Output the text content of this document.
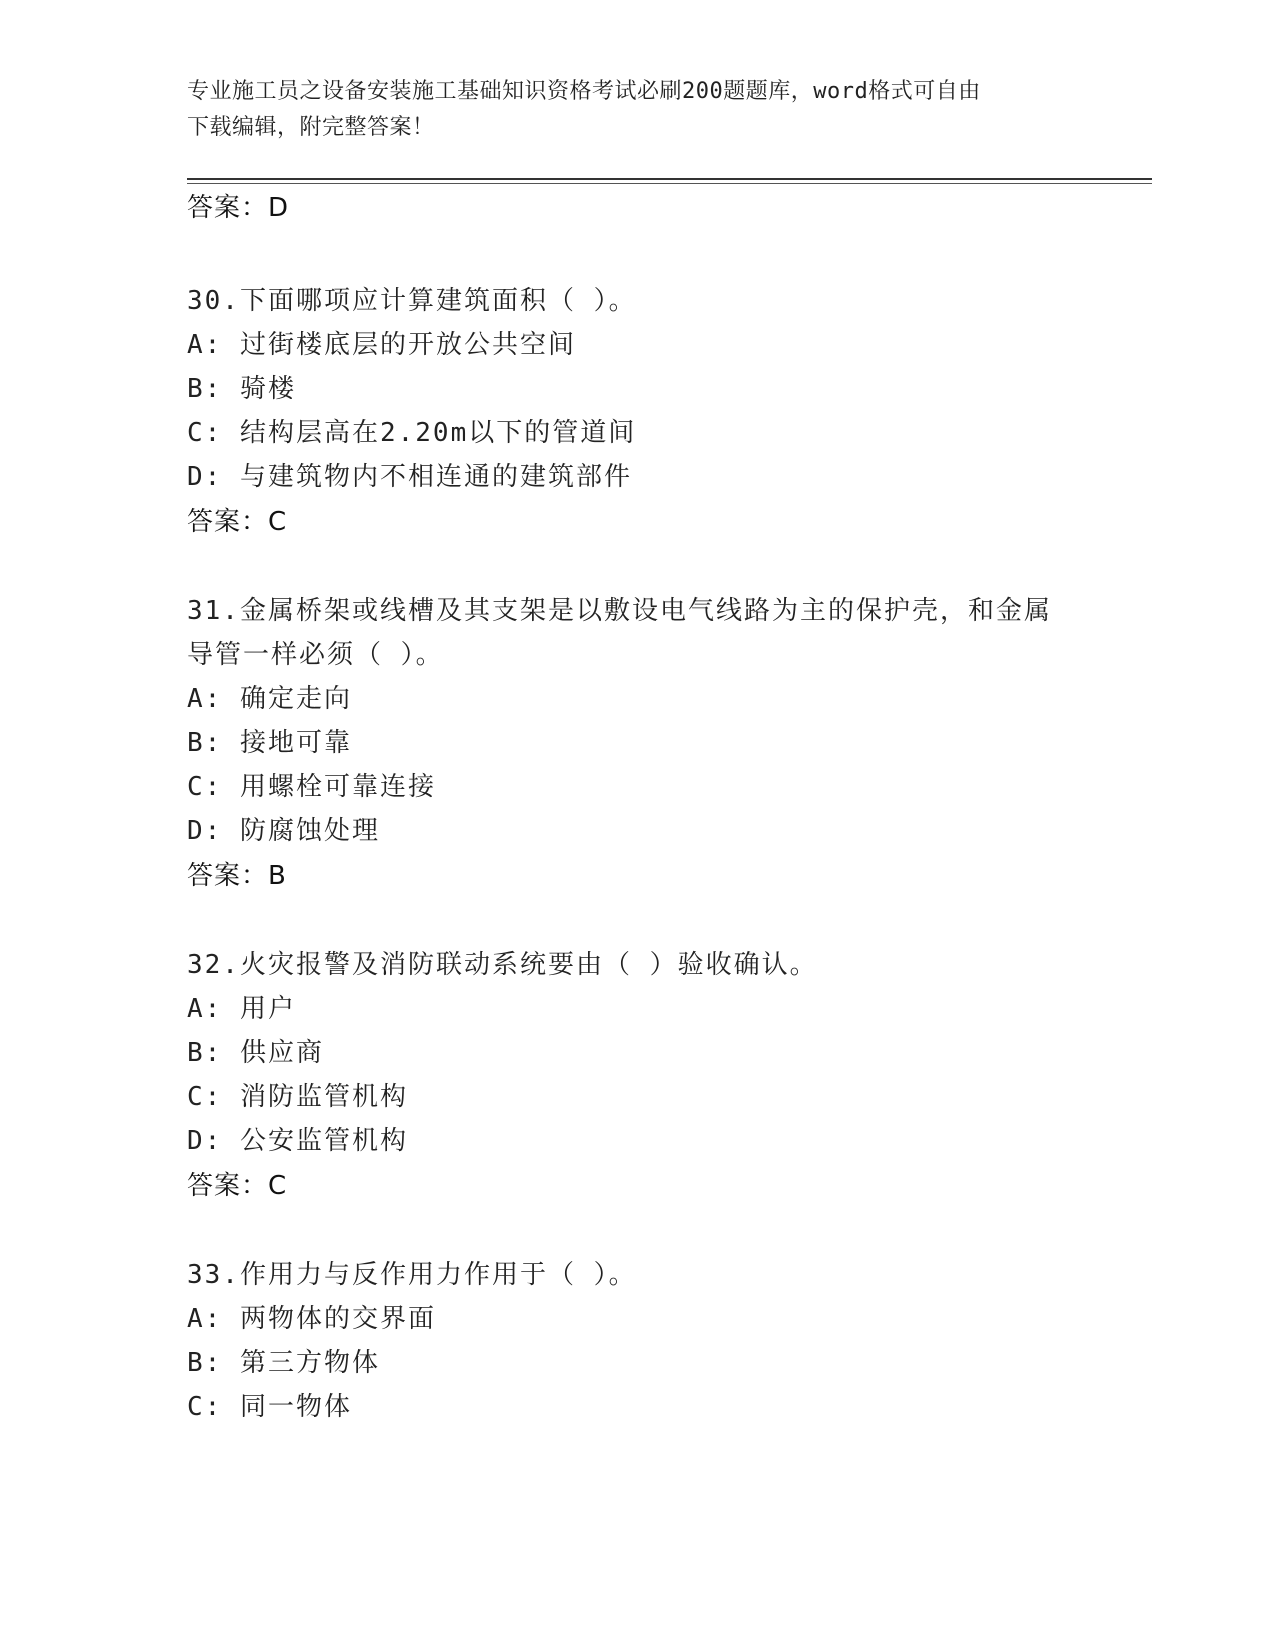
专业施工员之设备安装施工基础知识资格考试必刷200题题库，word格式可自由
下载编辑，附完整答案！
答案：D
30.下面哪项应计算建筑面积（ ）。
A: 过街楼底层的开放公共空间
B: 骑楼
C: 结构层高在2.20m以下的管道间
D: 与建筑物内不相连通的建筑部件
答案：C
31.金属桥架或线槽及其支架是以敷设电气线路为主的保护壳，和金属
导管一样必须（ ）。
A: 确定走向
B: 接地可靠
C: 用螺栓可靠连接
D: 防腐蚀处理
答案：B
32.火灾报警及消防联动系统要由（ ）验收确认。
A: 用户
B: 供应商
C: 消防监管机构
D: 公安监管机构
答案：C
33.作用力与反作用力作用于（ ）。
A: 两物体的交界面
B: 第三方物体
C: 同一物体
